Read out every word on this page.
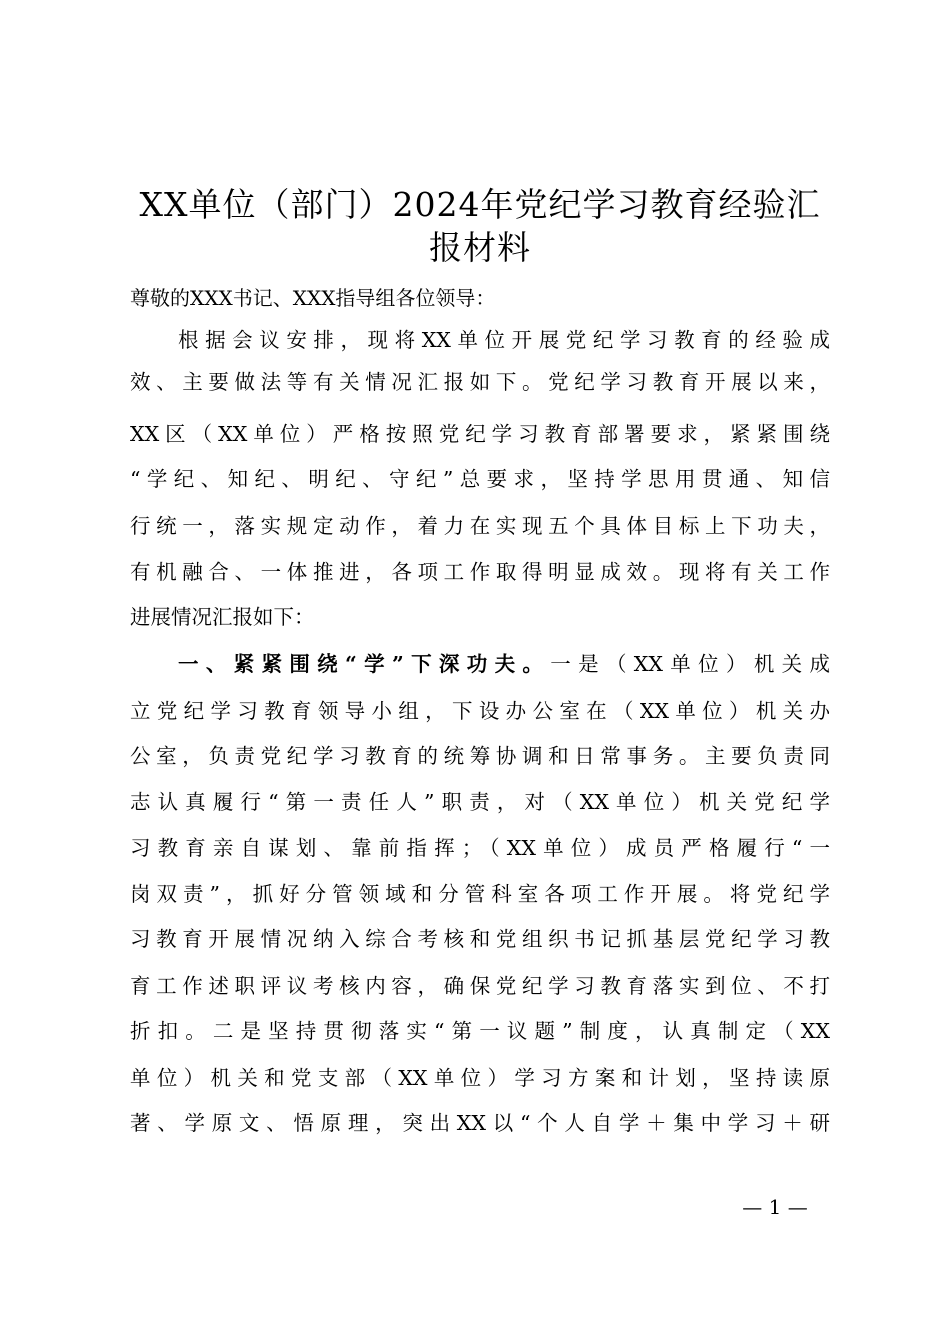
XX单位（部门）2024年党纪学习教育经验汇
报材料
尊敬的XXX书记、XXX指导组各位领导：
根据会议安排，现将XX单位开展党纪学习教育的经验成
效、主要做法等有关情况汇报如下。党纪学习教育开展以来，
XX区（XX单位）严格按照党纪学习教育部署要求，紧紧围绕
“学纪、知纪、明纪、守纪”总要求，坚持学思用贯通、知信
行统一，落实规定动作，着力在实现五个具体目标上下功夫，
有机融合、一体推进，各项工作取得明显成效。现将有关工作
进展情况汇报如下：
一、紧紧围绕“学”下深功夫。一是（XX单位）机关成
立党纪学习教育领导小组，下设办公室在（XX单位）机关办
公室，负责党纪学习教育的统筹协调和日常事务。主要负责同
志认真履行“第一责任人”职责，对（XX单位）机关党纪学
习教育亲自谋划、靠前指挥；（XX单位）成员严格履行“一
岗双责”，抓好分管领域和分管科室各项工作开展。将党纪学
习教育开展情况纳入综合考核和党组织书记抓基层党纪学习教
育工作述职评议考核内容，确保党纪学习教育落实到位、不打
折扣。二是坚持贯彻落实“第一议题”制度，认真制定（XX
单位）机关和党支部（XX单位）学习方案和计划，坚持读原
著、学原文、悟原理，突出XX以“个人自学＋集中学习＋研
— 1 —
